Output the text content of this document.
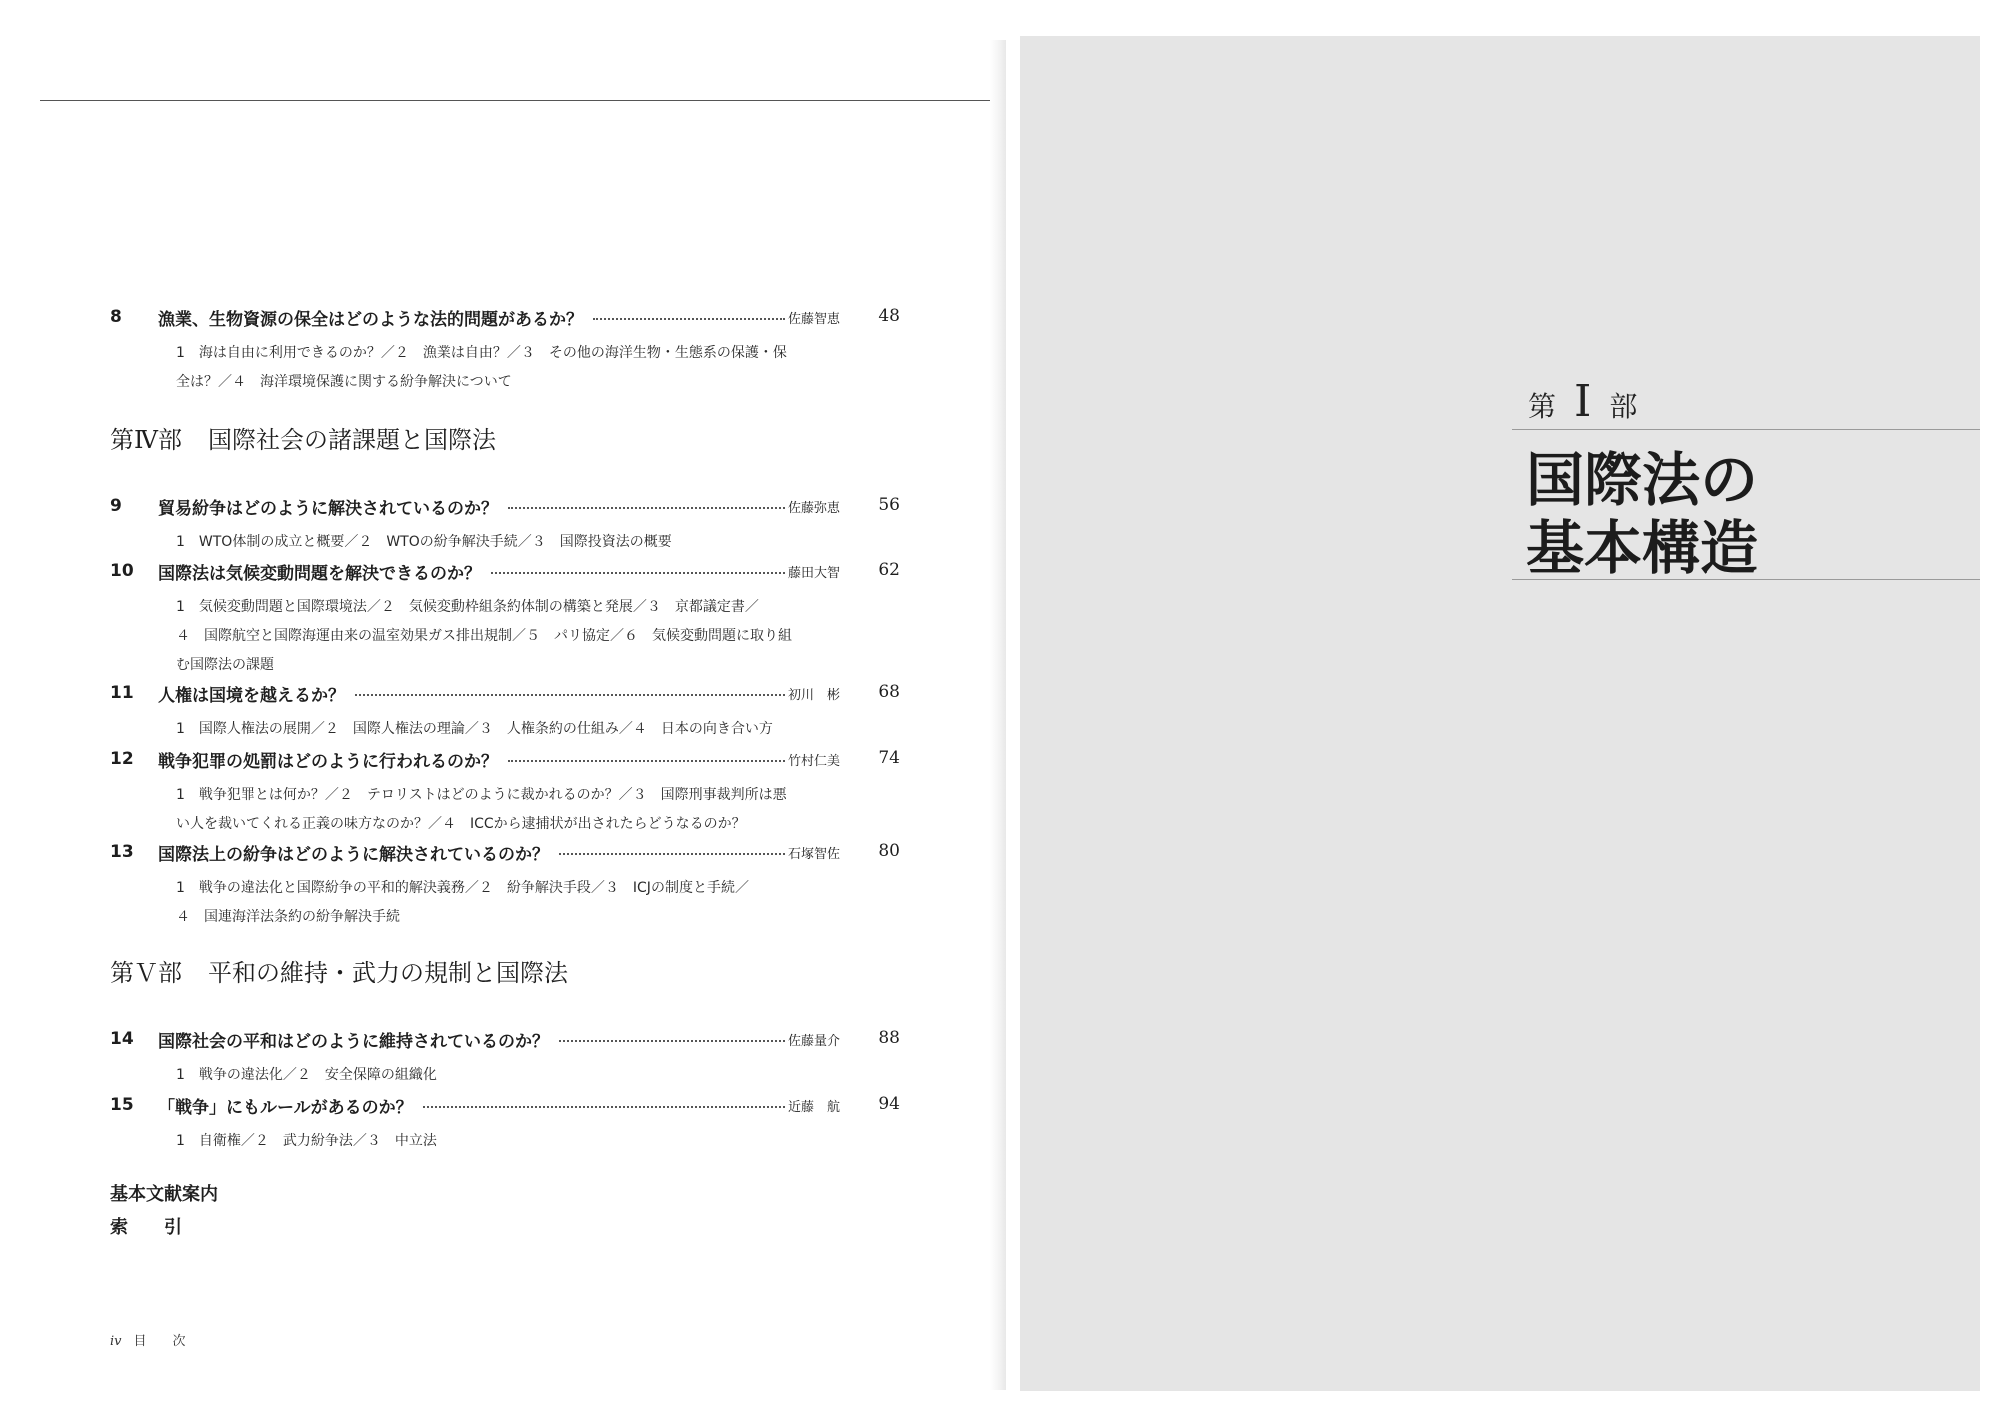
8	漁業、生物資源の保全はどのような法的問題があるか？	佐藤智恵	48
1　海は自由に利用できるのか？／２　漁業は自由？／３　その他の海洋生物・生態系の保護・保
全は？／４　海洋環境保護に関する紛争解決について
第Ⅳ部 国際社会の諸課題と国際法
9	貿易紛争はどのように解決されているのか？	佐藤弥恵	56
1　WTO体制の成立と概要／２　WTOの紛争解決手続／３　国際投資法の概要
10	国際法は気候変動問題を解決できるのか？	藤田大智	62
1　気候変動問題と国際環境法／２　気候変動枠組条約体制の構築と発展／３　京都議定書／
４　国際航空と国際海運由来の温室効果ガス排出規制／５　パリ協定／６　気候変動問題に取り組
む国際法の課題
11	人権は国境を越えるか？	初川　彬	68
1　国際人権法の展開／２　国際人権法の理論／３　人権条約の仕組み／４　日本の向き合い方
12	戦争犯罪の処罰はどのように行われるのか？	竹村仁美	74
1　戦争犯罪とは何か？／２　テロリストはどのように裁かれるのか？／３　国際刑事裁判所は悪
い人を裁いてくれる正義の味方なのか？／４　ICCから逮捕状が出されたらどうなるのか？
13	国際法上の紛争はどのように解決されているのか？	石塚智佐	80
1　戦争の違法化と国際紛争の平和的解決義務／２　紛争解決手段／３　ICJの制度と手続／
４　国連海洋法条約の紛争解決手続
第Ｖ部 平和の維持・武力の規制と国際法
14	国際社会の平和はどのように維持されているのか？	佐藤量介	88
1　戦争の違法化／２　安全保障の組織化
15	「戦争」にもルールがあるのか？	近藤　航	94
1　自衛権／２　武力紛争法／３　中立法
基本文献案内
索　　引
iv 目　　次
第 Ⅰ 部
国際法の
基本構造
